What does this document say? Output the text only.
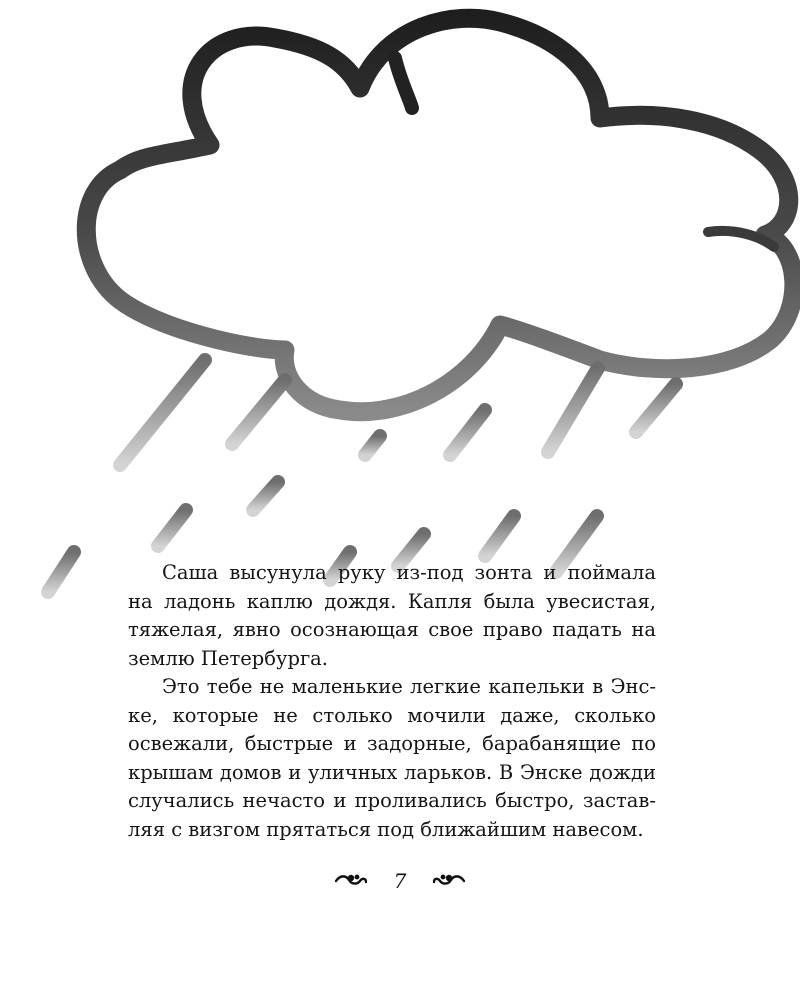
Саша высунула руку из-под зонта и поймала на ладонь каплю дождя. Капля была увесистая, тяжелая, явно осознающая свое право падать на землю Петербурга.

Это тебе не маленькие легкие капельки в Энске, которые не столько мочили даже, сколько освежали, быстрые и задорные, барабанящие по крышам домов и уличных ларьков. В Энске дожди случались нечасто и проливались быстро, заставляя с визгом прятаться под ближайшим навесом.

7
